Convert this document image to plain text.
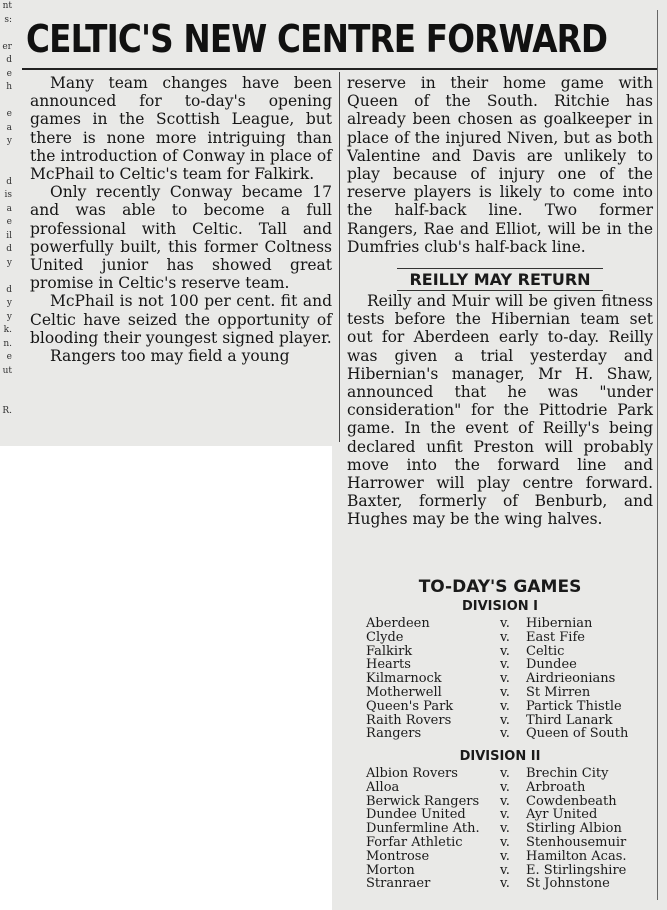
nt
s:
er
d
e
h
e
a
y
d
is
a
e
il
d
y
d
y
y
k.
n.
e
ut
R.
CELTIC'S NEW CENTRE FORWARD

Many team changes have been announced for to-day's opening games in the Scottish League, but there is none more intriguing than the introduction of Conway in place of McPhail to Celtic's team for Falkirk.

Only recently Conway became 17 and was able to become a full professional with Celtic. Tall and powerfully built, this former Coltness United junior has showed great promise in Celtic's reserve team.

McPhail is not 100 per cent. fit and Celtic have seized the opportunity of blooding their youngest signed player.

Rangers too may field a young

reserve in their home game with Queen of the South. Ritchie has already been chosen as goalkeeper in place of the injured Niven, but as both Valentine and Davis are unlikely to play because of injury one of the reserve players is likely to come into the half-back line. Two former Rangers, Rae and Elliot, will be in the Dumfries club's half-back line.

REILLY MAY RETURN

Reilly and Muir will be given fitness tests before the Hibernian team set out for Aberdeen early to-day. Reilly was given a trial yesterday and Hibernian's manager, Mr H. Shaw, announced that he was "under consideration" for the Pittodrie Park game. In the event of Reilly's being declared unfit Preston will probably move into the forward line and Harrower will play centre forward. Baxter, formerly of Benburb, and Hughes may be the wing halves.

TO-DAY'S GAMES
DIVISION I
Aberdeen	v.	Hibernian
Clyde	v.	East Fife
Falkirk	v.	Celtic
Hearts	v.	Dundee
Kilmarnock	v.	Airdrieonians
Motherwell	v.	St Mirren
Queen's Park	v.	Partick Thistle
Raith Rovers	v.	Third Lanark
Rangers	v.	Queen of South
DIVISION II
Albion Rovers	v.	Brechin City
Alloa	v.	Arbroath
Berwick Rangers	v.	Cowdenbeath
Dundee United	v.	Ayr United
Dunfermline Ath.	v.	Stirling Albion
Forfar Athletic	v.	Stenhousemuir
Montrose	v.	Hamilton Acas.
Morton	v.	E. Stirlingshire
Stranraer	v.	St Johnstone
